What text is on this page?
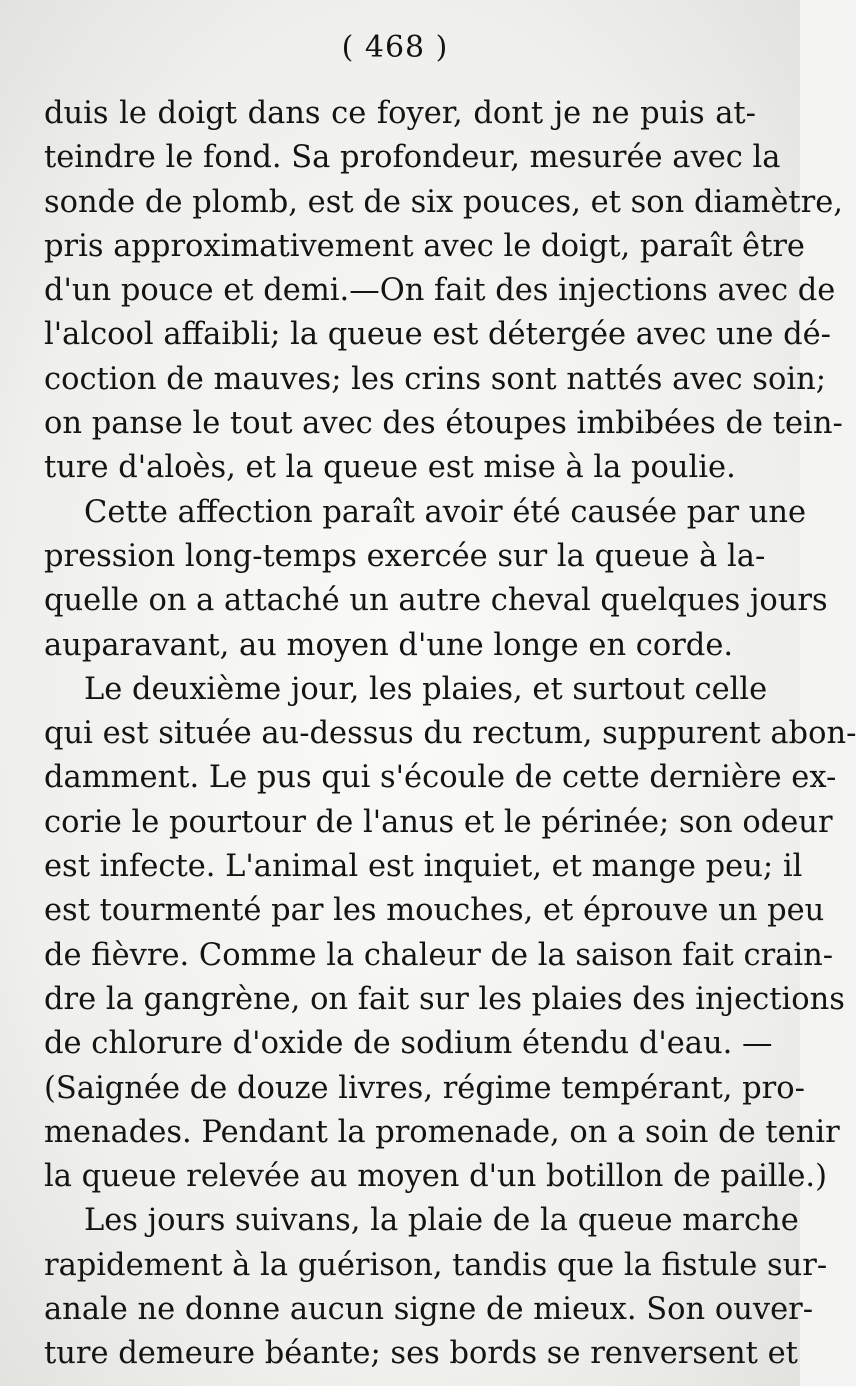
( 468 )
duis le doigt dans ce foyer, dont je ne puis at-
teindre le fond. Sa profondeur, mesurée avec la
sonde de plomb, est de six pouces, et son diamètre,
pris approximativement avec le doigt, paraît être
d'un pouce et demi.—On fait des injections avec de
l'alcool affaibli; la queue est détergée avec une dé-
coction de mauves; les crins sont nattés avec soin;
on panse le tout avec des étoupes imbibées de tein-
ture d'aloès, et la queue est mise à la poulie.
Cette affection paraît avoir été causée par une
pression long-temps exercée sur la queue à la-
quelle on a attaché un autre cheval quelques jours
auparavant, au moyen d'une longe en corde.
Le deuxième jour, les plaies, et surtout celle
qui est située au-dessus du rectum, suppurent abon-
damment. Le pus qui s'écoule de cette dernière ex-
corie le pourtour de l'anus et le périnée; son odeur
est infecte. L'animal est inquiet, et mange peu; il
est tourmenté par les mouches, et éprouve un peu
de fièvre. Comme la chaleur de la saison fait crain-
dre la gangrène, on fait sur les plaies des injections
de chlorure d'oxide de sodium étendu d'eau. —
(Saignée de douze livres, régime tempérant, pro-
menades. Pendant la promenade, on a soin de tenir
la queue relevée au moyen d'un botillon de paille.)
Les jours suivans, la plaie de la queue marche
rapidement à la guérison, tandis que la fistule sur-
anale ne donne aucun signe de mieux. Son ouver-
ture demeure béante; ses bords se renversent et
